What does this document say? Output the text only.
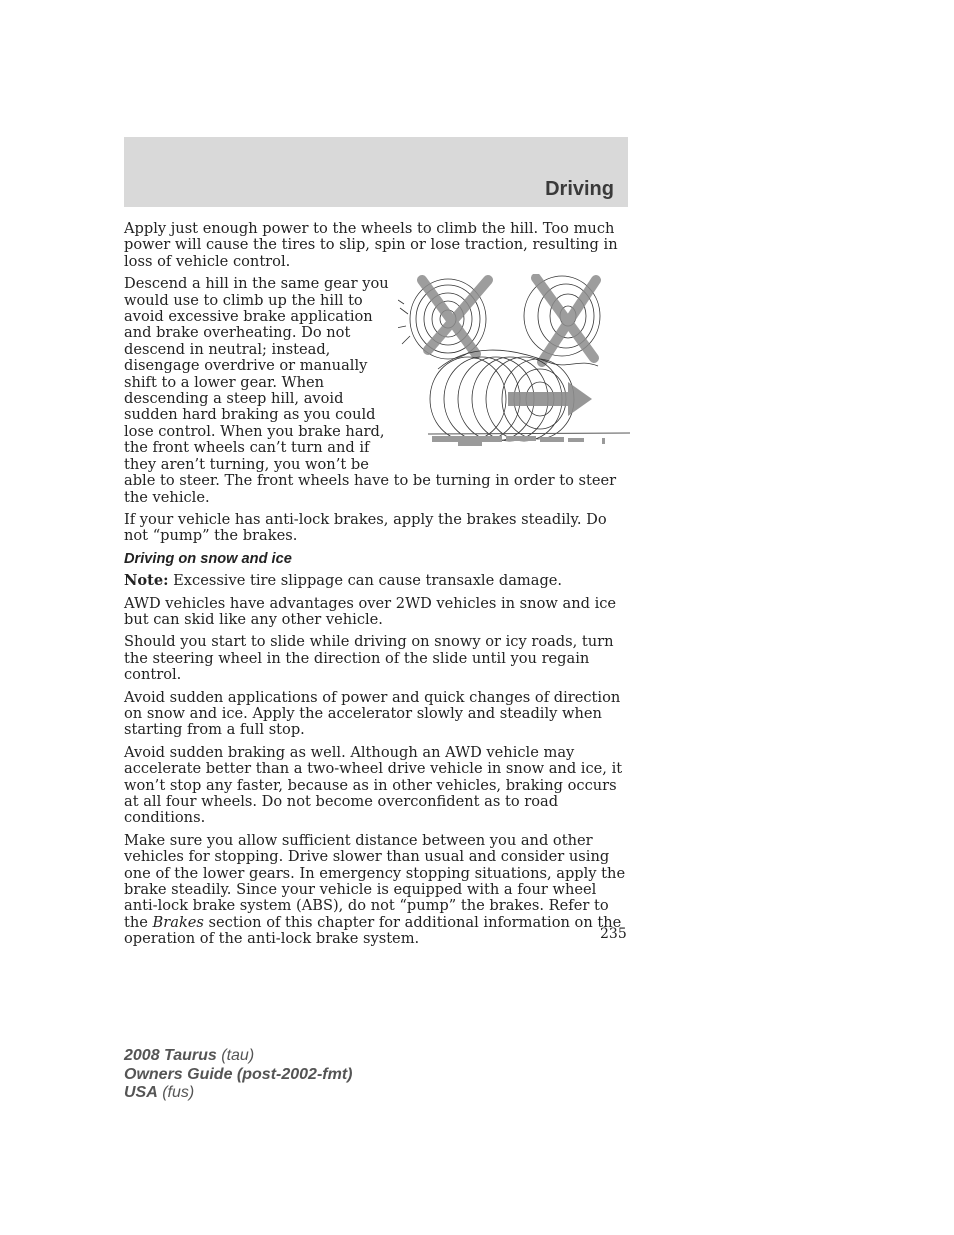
Driving

Apply just enough power to the wheels to climb the hill. Too much power will cause the tires to slip, spin or lose traction, resulting in loss of vehicle control.

Descend a hill in the same gear you would use to climb up the hill to avoid excessive brake application and brake overheating. Do not descend in neutral; instead, disengage overdrive or manually shift to a lower gear. When descending a steep hill, avoid sudden hard braking as you could lose control. When you brake hard, the front wheels can’t turn and if they aren’t turning, you won’t be able to steer. The front wheels have to be turning in order to steer the vehicle.

If your vehicle has anti-lock brakes, apply the brakes steadily. Do not “pump” the brakes.

Driving on snow and ice

Note: Excessive tire slippage can cause transaxle damage.

AWD vehicles have advantages over 2WD vehicles in snow and ice but can skid like any other vehicle.

Should you start to slide while driving on snowy or icy roads, turn the steering wheel in the direction of the slide until you regain control.

Avoid sudden applications of power and quick changes of direction on snow and ice. Apply the accelerator slowly and steadily when starting from a full stop.

Avoid sudden braking as well. Although an AWD vehicle may accelerate better than a two-wheel drive vehicle in snow and ice, it won’t stop any faster, because as in other vehicles, braking occurs at all four wheels. Do not become overconfident as to road conditions.

Make sure you allow sufficient distance between you and other vehicles for stopping. Drive slower than usual and consider using one of the lower gears. In emergency stopping situations, apply the brake steadily. Since your vehicle is equipped with a four wheel anti-lock brake system (ABS), do not “pump” the brakes. Refer to the Brakes section of this chapter for additional information on the operation of the anti-lock brake system.	235
2008 Taurus (tau)
Owners Guide (post-2002-fmt)
USA (fus)
